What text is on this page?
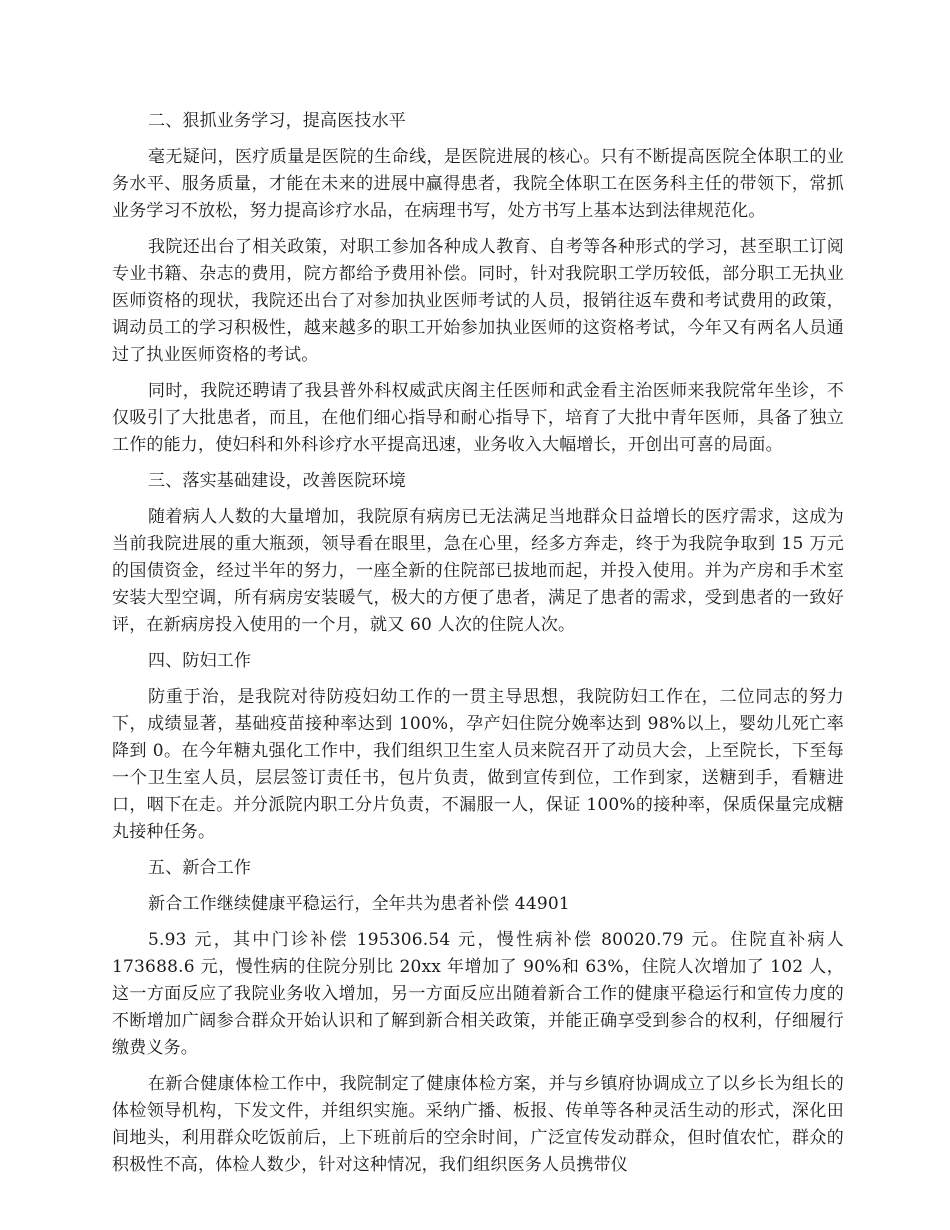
二、狠抓业务学习，提高医技水平

毫无疑问，医疗质量是医院的生命线，是医院进展的核心。只有不断提高医院全体职工的业务水平、服务质量，才能在未来的进展中赢得患者，我院全体职工在医务科主任的带领下，常抓业务学习不放松，努力提高诊疗水品，在病理书写，处方书写上基本达到法律规范化。

我院还出台了相关政策，对职工参加各种成人教育、自考等各种形式的学习，甚至职工订阅专业书籍、杂志的费用，院方都给予费用补偿。同时，针对我院职工学历较低，部分职工无执业医师资格的现状，我院还出台了对参加执业医师考试的人员，报销往返车费和考试费用的政策，调动员工的学习积极性，越来越多的职工开始参加执业医师的这资格考试，今年又有两名人员通过了执业医师资格的考试。

同时，我院还聘请了我县普外科权威武庆阁主任医师和武金看主治医师来我院常年坐诊，不仅吸引了大批患者，而且，在他们细心指导和耐心指导下，培育了大批中青年医师，具备了独立工作的能力，使妇科和外科诊疗水平提高迅速，业务收入大幅增长，开创出可喜的局面。

三、落实基础建设，改善医院环境

随着病人人数的大量增加，我院原有病房已无法满足当地群众日益增长的医疗需求，这成为当前我院进展的重大瓶颈，领导看在眼里，急在心里，经多方奔走，终于为我院争取到 15 万元的国债资金，经过半年的努力，一座全新的住院部已拔地而起，并投入使用。并为产房和手术室安装大型空调，所有病房安装暖气，极大的方便了患者，满足了患者的需求，受到患者的一致好评，在新病房投入使用的一个月，就又 60 人次的住院人次。

四、防妇工作

防重于治，是我院对待防疫妇幼工作的一贯主导思想，我院防妇工作在，二位同志的努力下，成绩显著，基础疫苗接种率达到 100%，孕产妇住院分娩率达到 98%以上，婴幼儿死亡率降到 0。在今年糖丸强化工作中，我们组织卫生室人员来院召开了动员大会，上至院长，下至每一个卫生室人员，层层签订责任书，包片负责，做到宣传到位，工作到家，送糖到手，看糖进口，咽下在走。并分派院内职工分片负责，不漏服一人，保证 100%的接种率，保质保量完成糖丸接种任务。

五、新合工作

新合工作继续健康平稳运行，全年共为患者补偿 44901

5.93 元，其中门诊补偿 195306.54 元，慢性病补偿 80020.79 元。住院直补病人 173688.6 元，慢性病的住院分别比 20xx 年增加了 90%和 63%，住院人次增加了 102 人，这一方面反应了我院业务收入增加，另一方面反应出随着新合工作的健康平稳运行和宣传力度的不断增加广阔参合群众开始认识和了解到新合相关政策，并能正确享受到参合的权利，仔细履行缴费义务。

在新合健康体检工作中，我院制定了健康体检方案，并与乡镇府协调成立了以乡长为组长的体检领导机构，下发文件，并组织实施。采纳广播、板报、传单等各种灵活生动的形式，深化田间地头，利用群众吃饭前后，上下班前后的空余时间，广泛宣传发动群众，但时值农忙，群众的积极性不高，体检人数少，针对这种情况，我们组织医务人员携带仪
